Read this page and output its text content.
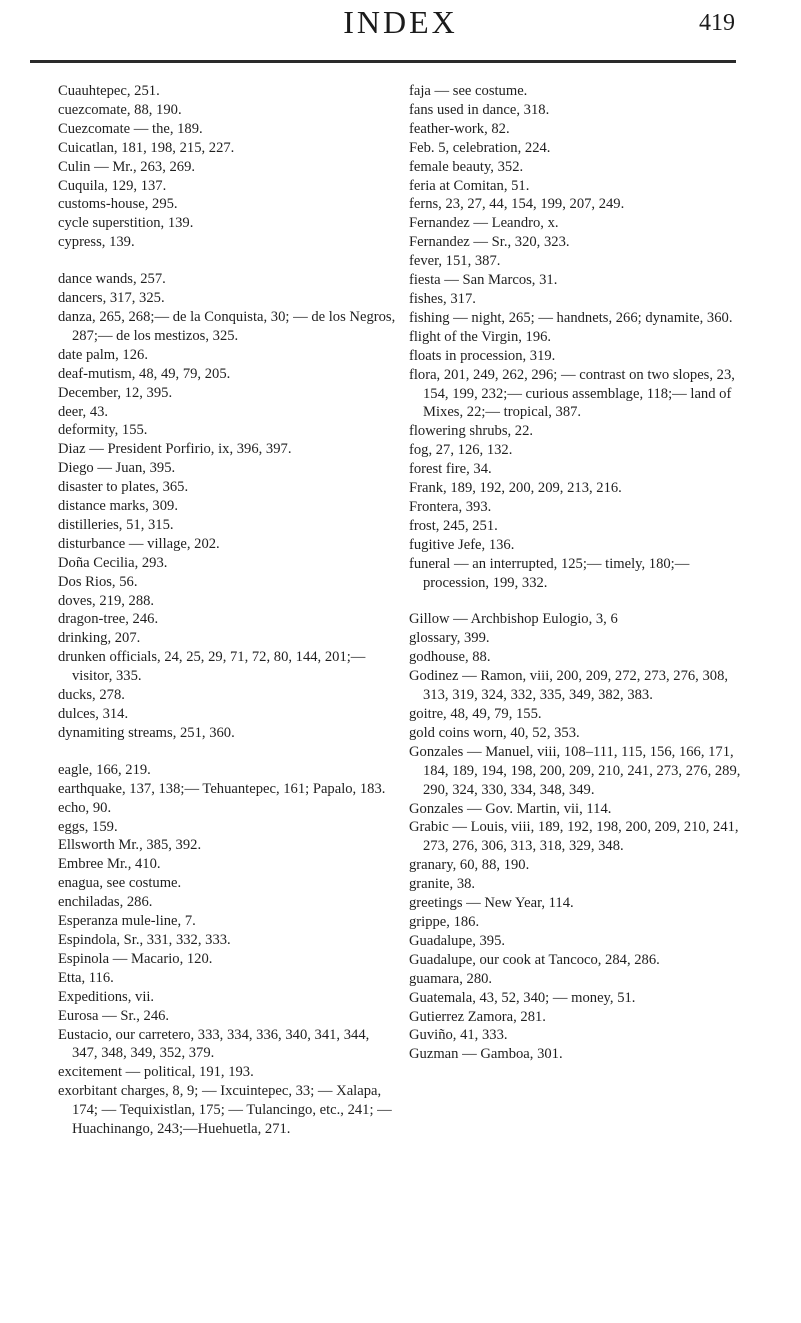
INDEX	419

Cuauhtepec, 251.

cuezcomate, 88, 190.

Cuezcomate — the, 189.

Cuicatlan, 181, 198, 215, 227.

Culin — Mr., 263, 269.

Cuquila, 129, 137.

customs-house, 295.

cycle superstition, 139.

cypress, 139.

dance wands, 257.

dancers, 317, 325.

danza, 265, 268;— de la Conquista, 30; — de los Negros, 287;— de los mestizos, 325.

date palm, 126.

deaf-mutism, 48, 49, 79, 205.

December, 12, 395.

deer, 43.

deformity, 155.

Diaz — President Porfirio, ix, 396, 397.

Diego — Juan, 395.

disaster to plates, 365.

distance marks, 309.

distilleries, 51, 315.

disturbance — village, 202.

Doña Cecilia, 293.

Dos Rios, 56.

doves, 219, 288.

dragon-tree, 246.

drinking, 207.

drunken officials, 24, 25, 29, 71, 72, 80, 144, 201;— visitor, 335.

ducks, 278.

dulces, 314.

dynamiting streams, 251, 360.

eagle, 166, 219.

earthquake, 137, 138;— Tehuantepec, 161; Papalo, 183.

echo, 90.

eggs, 159.

Ellsworth Mr., 385, 392.

Embree Mr., 410.

enagua, see costume.

enchiladas, 286.

Esperanza mule-line, 7.

Espindola, Sr., 331, 332, 333.

Espinola — Macario, 120.

Etta, 116.

Expeditions, vii.

Eurosa — Sr., 246.

Eustacio, our carretero, 333, 334, 336, 340, 341, 344, 347, 348, 349, 352, 379.

excitement — political, 191, 193.

exorbitant charges, 8, 9; — Ixcuintepec, 33; — Xalapa, 174; — Tequixistlan, 175; — Tulancingo, etc., 241; —Huachinango, 243;—Huehuetla, 271.

faja — see costume.

fans used in dance, 318.

feather-work, 82.

Feb. 5, celebration, 224.

female beauty, 352.

feria at Comitan, 51.

ferns, 23, 27, 44, 154, 199, 207, 249.

Fernandez — Leandro, x.

Fernandez — Sr., 320, 323.

fever, 151, 387.

fiesta — San Marcos, 31.

fishes, 317.

fishing — night, 265; — handnets, 266; dynamite, 360.

flight of the Virgin, 196.

floats in procession, 319.

flora, 201, 249, 262, 296; — contrast on two slopes, 23, 154, 199, 232;— curious assemblage, 118;— land of Mixes, 22;— tropical, 387.

flowering shrubs, 22.

fog, 27, 126, 132.

forest fire, 34.

Frank, 189, 192, 200, 209, 213, 216.

Frontera, 393.

frost, 245, 251.

fugitive Jefe, 136.

funeral — an interrupted, 125;— timely, 180;— procession, 199, 332.

Gillow — Archbishop Eulogio, 3, 6

glossary, 399.

godhouse, 88.

Godinez — Ramon, viii, 200, 209, 272, 273, 276, 308, 313, 319, 324, 332, 335, 349, 382, 383.

goitre, 48, 49, 79, 155.

gold coins worn, 40, 52, 353.

Gonzales — Manuel, viii, 108–111, 115, 156, 166, 171, 184, 189, 194, 198, 200, 209, 210, 241, 273, 276, 289, 290, 324, 330, 334, 348, 349.

Gonzales — Gov. Martin, vii, 114.

Grabic — Louis, viii, 189, 192, 198, 200, 209, 210, 241, 273, 276, 306, 313, 318, 329, 348.

granary, 60, 88, 190.

granite, 38.

greetings — New Year, 114.

grippe, 186.

Guadalupe, 395.

Guadalupe, our cook at Tancoco, 284, 286.

guamara, 280.

Guatemala, 43, 52, 340; — money, 51.

Gutierrez Zamora, 281.

Guviño, 41, 333.

Guzman — Gamboa, 301.
